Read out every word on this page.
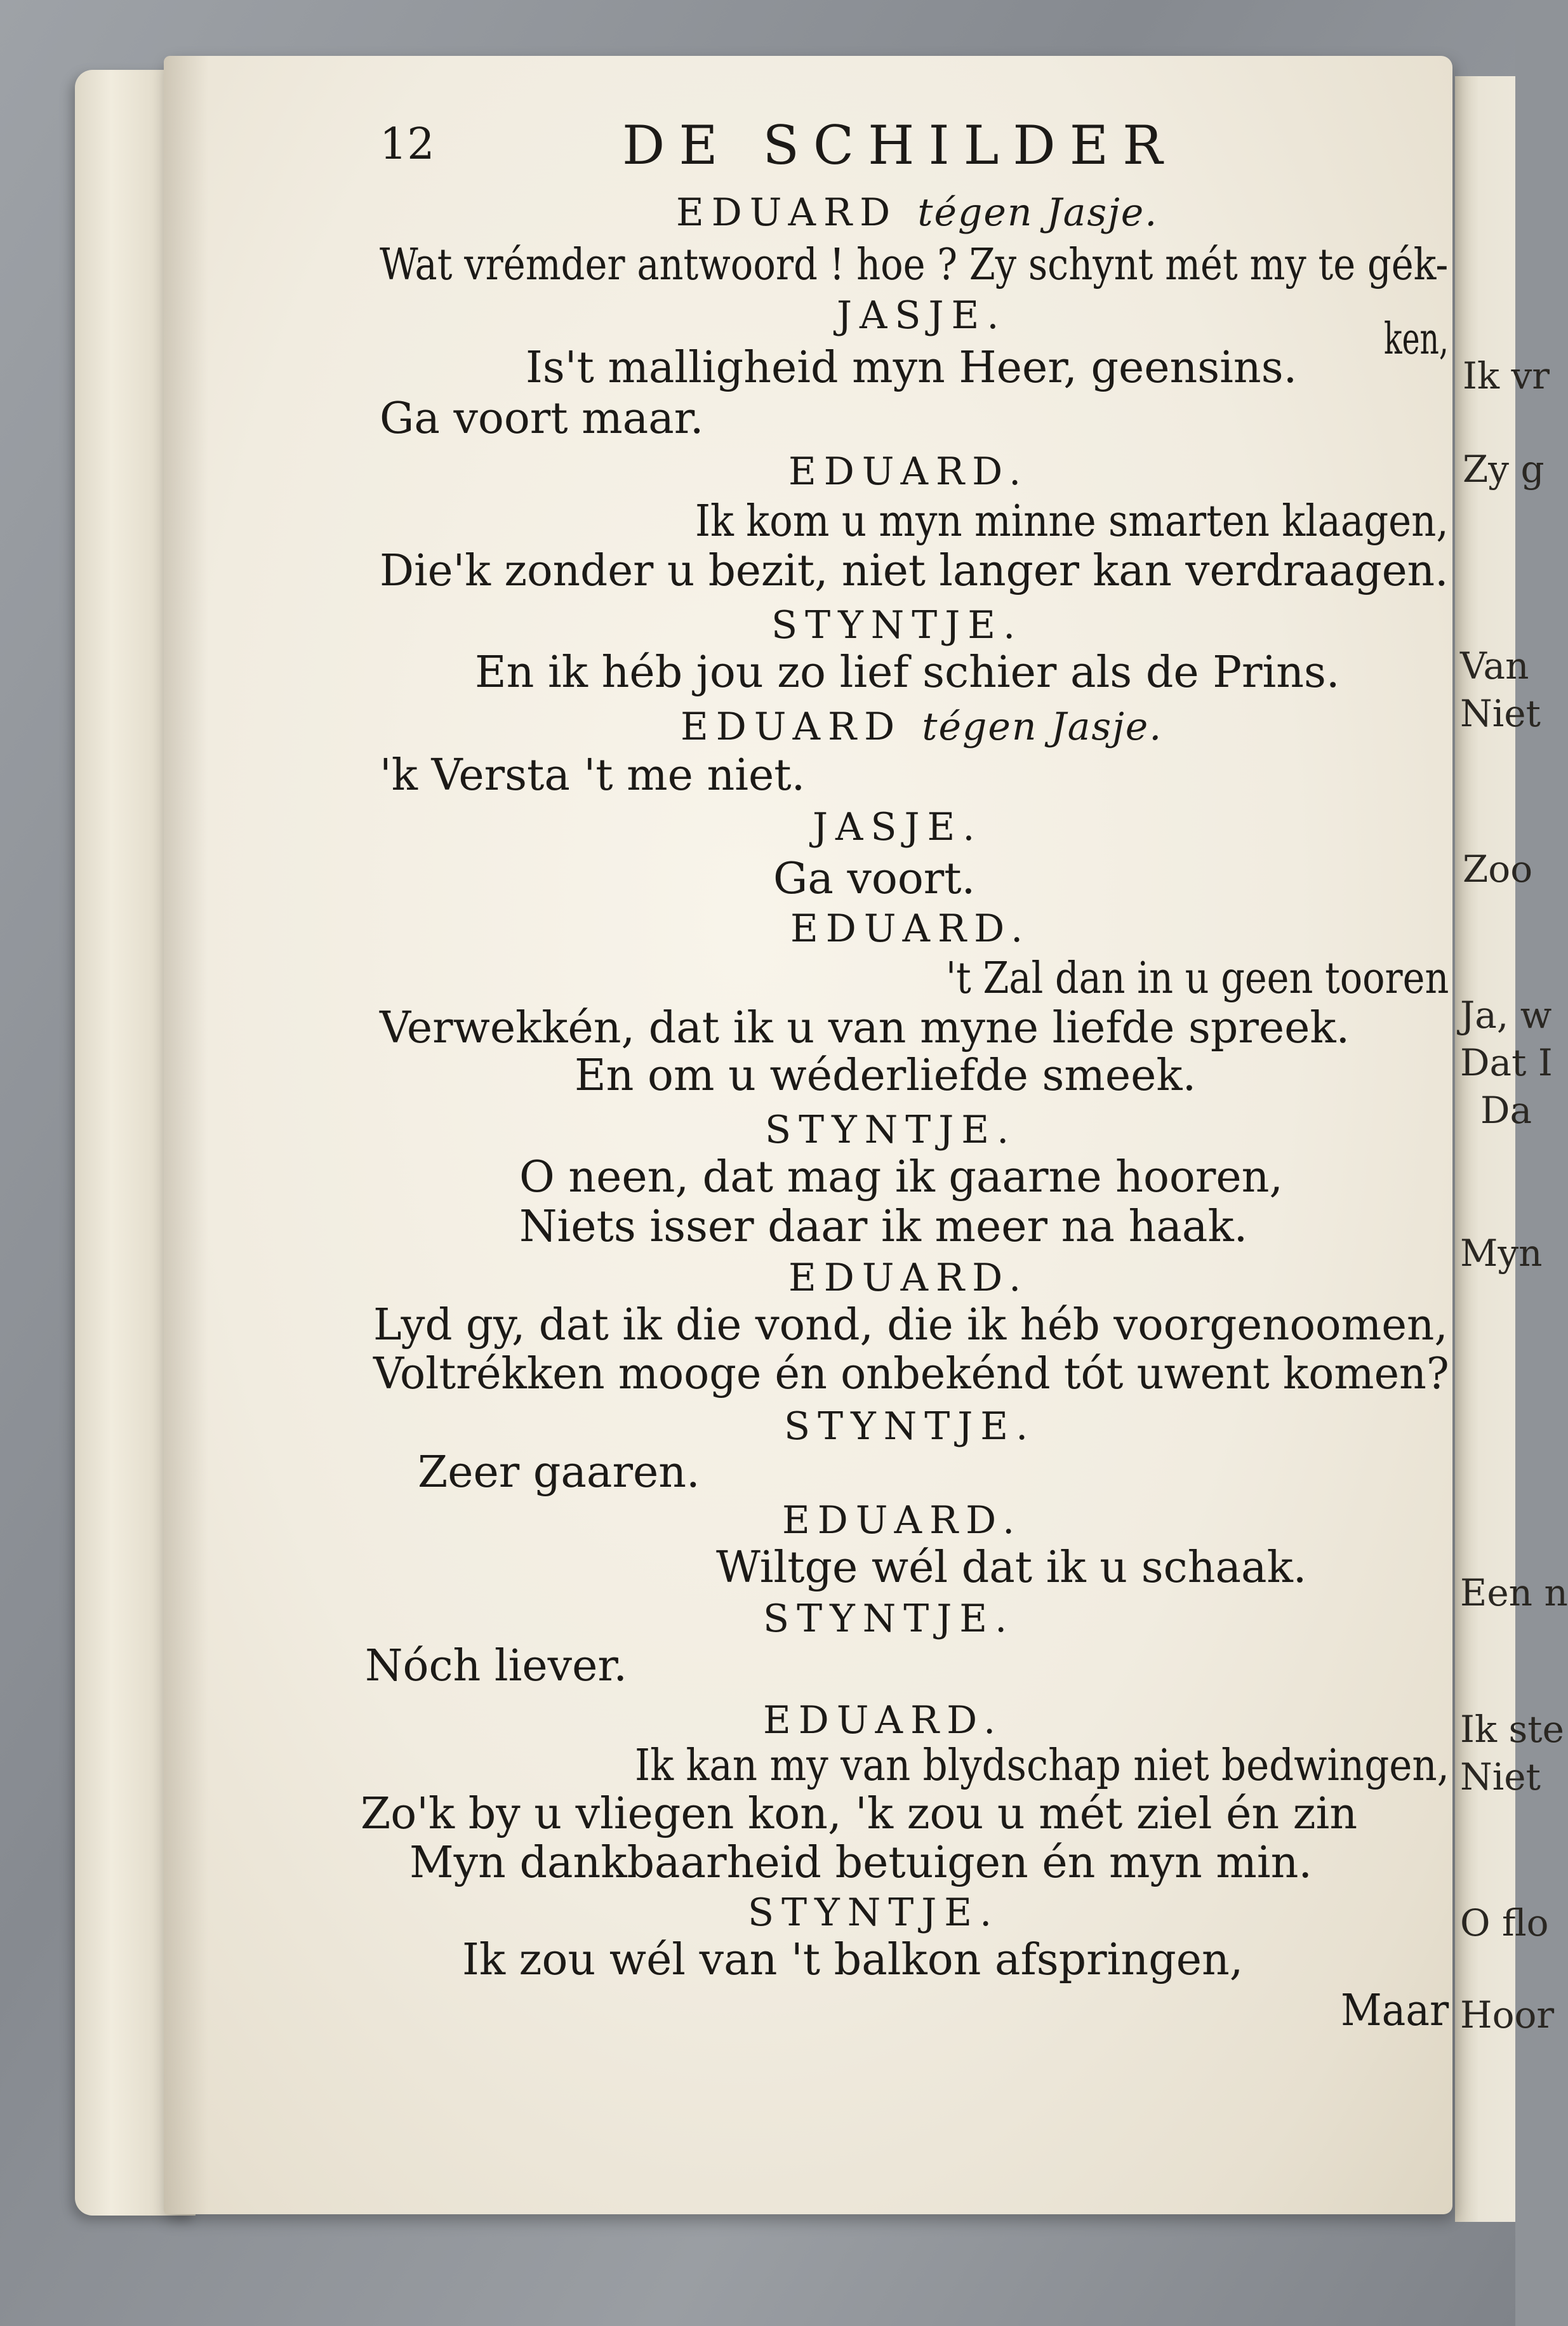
Ik vr
Zy g
Van
Niet
Zoo
Ja, w
Dat I
Da
Myn
Een n
Ik ste
Niet
O flo
Hoor
12	DE SCHILDER
EDUARD tégen Jasje.
Wat vrémder antwoord ! hoe ? Zy schynt mét my te gék-
JASJE.	ken,
Is't malligheid myn Heer, geensins.
Ga voort maar.
EDUARD.
Ik kom u myn minne smarten klaagen,
Die'k zonder u bezit, niet langer kan verdraagen.
STYNTJE.
En ik héb jou zo lief schier als de Prins.
EDUARD tégen Jasje.
'k Versta 't me niet.
JASJE.
Ga voort.
EDUARD.
't Zal dan in u geen tooren
Verwekkén, dat ik u van myne liefde spreek.
En om u wéderliefde smeek.
STYNTJE.
O neen, dat mag ik gaarne hooren,
Niets isser daar ik meer na haak.
EDUARD.
Lyd gy, dat ik die vond, die ik héb voorgenoomen,
Voltrékken mooge én onbekénd tót uwent komen?
STYNTJE.
Zeer gaaren.
EDUARD.
Wiltge wél dat ik u schaak.
STYNTJE.
Nóch liever.
EDUARD.
Ik kan my van blydschap niet bedwingen,
Zo'k by u vliegen kon, 'k zou u mét ziel én zin
Myn dankbaarheid betuigen én myn min.
STYNTJE.
Ik zou wél van 't balkon afspringen,
Maar
